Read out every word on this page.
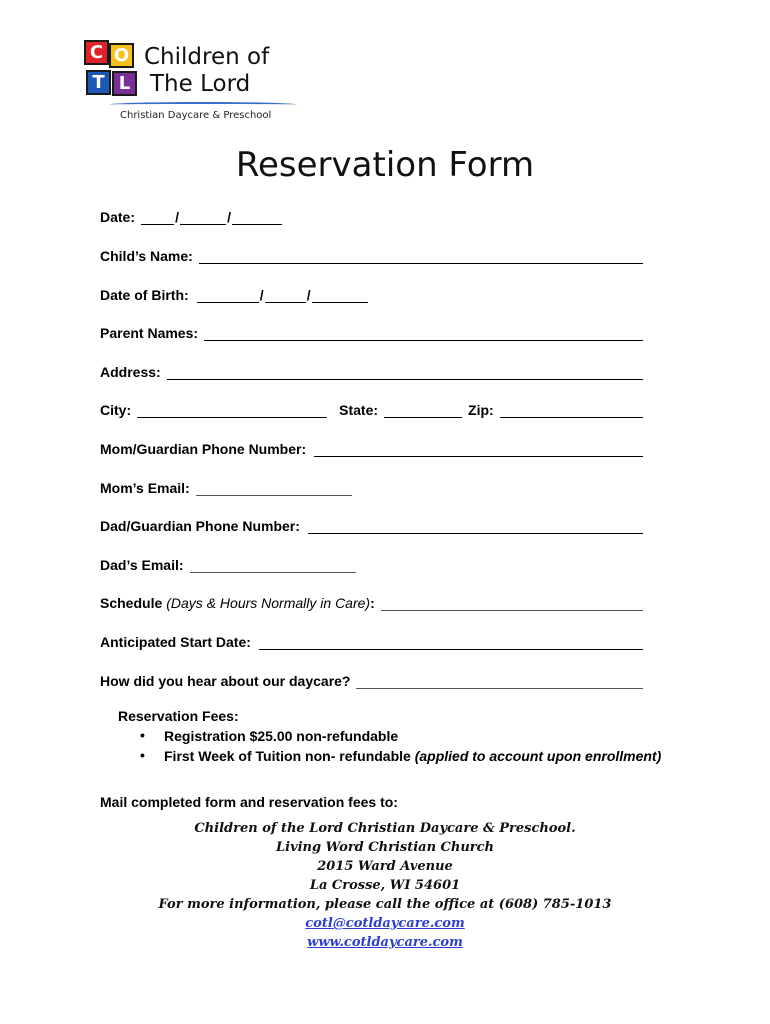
C O
T L
Children of
The Lord
Christian Daycare & Preschool
Reservation Form
Date:	/	/
Child’s Name:
Date of Birth:	/	/
Parent Names:
Address:
City:	State:	Zip:
Mom/Guardian Phone Number:
Mom’s Email:
Dad/Guardian Phone Number:
Dad’s Email:
Schedule (Days & Hours Normally in Care) :
Anticipated Start Date:
How did you hear about our daycare?
Reservation Fees:
• Registration $25.00 non-refundable
• First Week of Tuition non- refundable (applied to account upon enrollment)
Mail completed form and reservation fees to:
Children of the Lord Christian Daycare & Preschool.
Living Word Christian Church
2015 Ward Avenue
La Crosse, WI 54601
For more information, please call the office at (608) 785-1013
cotl@cotldaycare.com
www.cotldaycare.com
